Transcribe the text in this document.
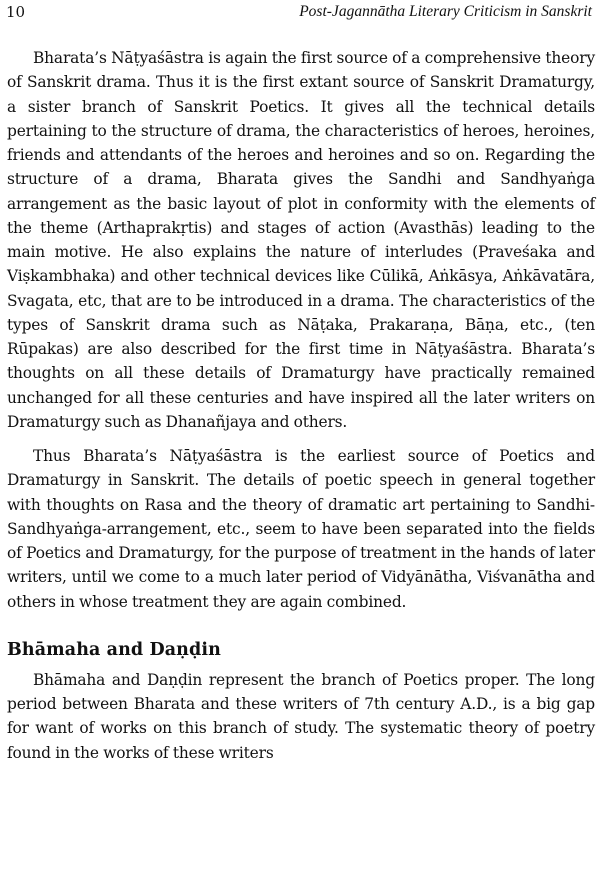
10	Post-Jagannātha Literary Criticism in Sanskrit

Bharata’s Nāṭyaśāstra is again the first source of a comprehensive theory of Sanskrit drama. Thus it is the first extant source of Sanskrit Dramaturgy, a sister branch of Sanskrit Poetics. It gives all the technical details pertaining to the structure of drama, the characteristics of heroes, heroines, friends and attendants of the heroes and heroines and so on. Regarding the structure of a drama, Bharata gives the Sandhi and Sandhyaṅga arrangement as the basic layout of plot in conformity with the elements of the theme (Arthaprakṛtis) and stages of action (Avasthās) leading to the main motive. He also explains the nature of interludes (Praveśaka and Viṣkambhaka) and other technical devices like Cūlikā, Aṅkāsya, Aṅkāvatāra, Svagata, etc, that are to be introduced in a drama. The characteristics of the types of Sanskrit drama such as Nāṭaka, Prakaraṇa, Bāṇa, etc., (ten Rūpakas) are also described for the first time in Nāṭyaśāstra. Bharata’s thoughts on all these details of Dramaturgy have practically remained unchanged for all these centuries and have inspired all the later writers on Dramaturgy such as Dhanañjaya and others.

Thus Bharata’s Nāṭyaśāstra is the earliest source of Poetics and Dramaturgy in Sanskrit. The details of poetic speech in general together with thoughts on Rasa and the theory of dramatic art pertaining to Sandhi-Sandhyaṅga-arrangement, etc., seem to have been separated into the fields of Poetics and Dramaturgy, for the purpose of treatment in the hands of later writers, until we come to a much later period of Vidyānātha, Viśvanātha and others in whose treatment they are again combined.

Bhāmaha and Daṇḍin

Bhāmaha and Daṇḍin represent the branch of Poetics proper. The long period between Bharata and these writers of 7th century A.D., is a big gap for want of works on this branch of study. The systematic theory of poetry found in the works of these writers
